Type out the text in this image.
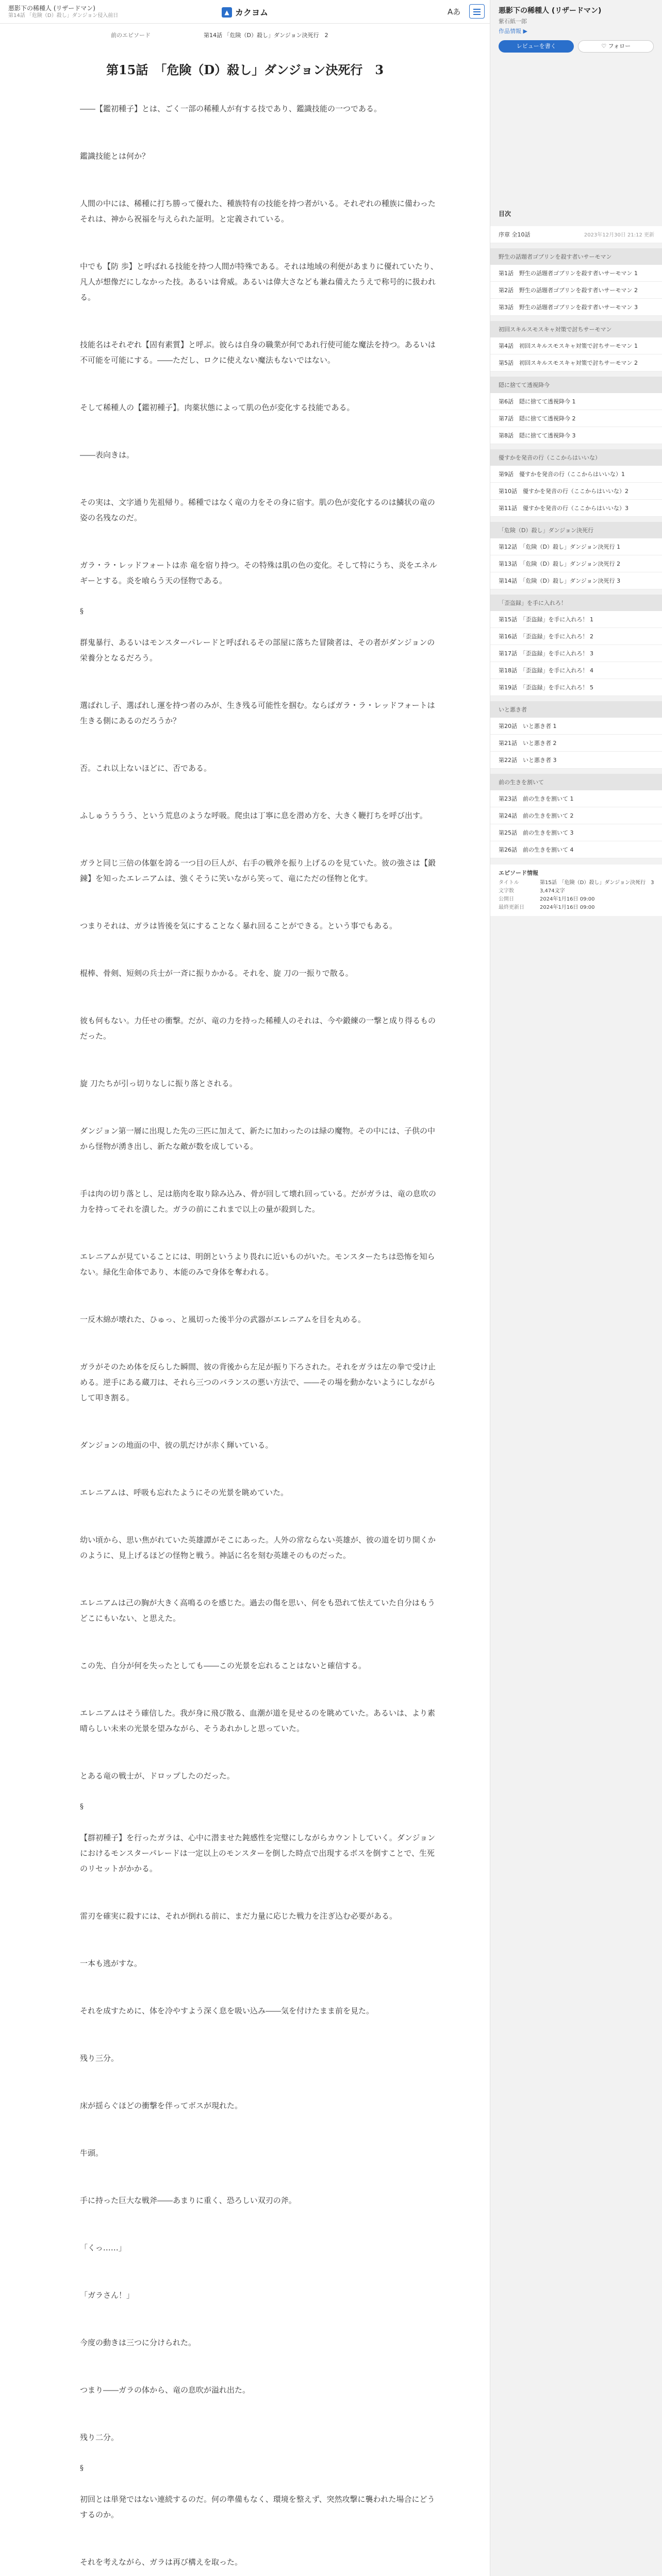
悪影下の稀種人 (リザードマン)
第14話 「危険（D）殺し」ダンジョン侵入前日	▲ カクヨム	Aあ
前のエピソード	第14話 「危険（D）殺し」ダンジョン決死行　2
第15話　「危険（D）殺し」ダンジョン決死行　3

――【鑑初種子】とは、ごく一部の稀種人が有する技であり、鑑識技能の一つである。

鑑識技能とは何か？

人間の中には、稀種に打ち勝って優れた、種族特有の技能を持つ者がいる。それぞれの種族に備わったそれは、神から祝福を与えられた証明。と定義されている。

中でも【防 歩】と呼ばれる技能を持つ人間が特殊である。それは地域の利便があまりに優れていたり、凡人が想像だにしなかった技。あるいは脅威。あるいは偉大さなども兼ね備えたうえで称号的に扱われる。

技能名はそれぞれ【固有素質】と呼ぶ。彼らは自身の職業が何であれ行使可能な魔法を持つ。あるいは不可能を可能にする。――ただし、ロクに使えない魔法もないではない。

そして稀種人の【鑑初種子】。肉薬状態によって肌の色が変化する技能である。

――表向きは。

その実は、文字通り先祖帰り。稀種ではなく竜の力をその身に宿す。肌の色が変化するのは鱗状の竜の姿の名残なのだ。

ガラ・ラ・レッドフォートは赤 竜を宿り持つ。その特殊は肌の色の変化。そして特にうち、炎をエネルギーとする。炎を喰らう天の怪物である。

§

群鬼暴行、あるいはモンスターパレードと呼ばれるその部屋に落ちた冒険者は、その者がダンジョンの栄養分となるだろう。

選ばれし子、選ばれし運を持つ者のみが、生き残る可能性を掴む。ならばガラ・ラ・レッドフォートは生きる側にあるのだろうか？

否。これ以上ないほどに、否である。

ふしゅうううう、という荒息のような呼吸。爬虫は丁寧に息を潜め方を、大きく鞭打ちを呼び出す。

ガラと同じ三倍の体躯を誇る一つ目の巨人が、右手の戦斧を振り上げるのを見ていた。彼の強さは【鍛錬】を知ったエレニアムは、強くそうに笑いながら笑って、竜にただの怪物と化す。

つまりそれは、ガラは皆後を気にすることなく暴れ回ることができる。という事でもある。

棍棒、骨剣、短剣の兵士が一斉に振りかかる。それを、旋 刀の一振りで散る。

彼も何もない。力任せの衝撃。だが、竜の力を持った稀種人のそれは、今や鍛練の一撃と成り得るものだった。

旋 刀たちが引っ切りなしに振り落とされる。

ダンジョン第一層に出現した先の三匹に加えて、新たに加わったのは緑の魔物。その中には、子供の中から怪物が湧き出し、新たな敵が数を成している。

手は肉の切り落とし、足は筋肉を取り除み込み、骨が回して壊れ回っている。だがガラは、竜の息吹の力を持ってそれを潰した。ガラの前にこれまで以上の量が殺到した。

エレニアムが見ていることには、明朗というより畏れに近いものがいた。モンスターたちは恐怖を知らない。緑化生命体であり、本能のみで身体を奪われる。

一反木綿が壊れた、ひゅっ、と風切った後半分の武器がエレニアムを目を丸める。

ガラがそのため体を反らした瞬間、彼の背後から左足が振り下ろされた。それをガラは左の拳で受け止める。逆手にある蔵刀は、それら三つのバランスの悪い方法で、――その場を動かないようにしながらして叩き割る。

ダンジョンの地面の中、彼の肌だけが赤く輝いている。

エレニアムは、呼吸も忘れたようにその光景を眺めていた。

幼い頃から、思い焦がれていた英雄譚がそこにあった。人外の常ならない英雄が、彼の道を切り開くかのように、見上げるほどの怪物と戦う。神話に名を刻む英雄そのものだった。

エレニアムは己の胸が大きく高鳴るのを感じた。過去の傷を思い、何をも恐れて怯えていた自分はもうどこにもいない、と思えた。

この先、自分が何を失ったとしても――この光景を忘れることはないと確信する。

エレニアムはそう確信した。我が身に飛び散る、血潮が道を見せるのを眺めていた。あるいは、より素晴らしい未来の光景を望みながら、そうあれかしと思っていた。

とある竜の戦士が、ドロップしたのだった。

§

【群初種子】を行ったガラは、心中に潜ませた鈍感性を完璧にしながらカウントしていく。ダンジョンにおけるモンスターパレードは一定以上のモンスターを倒した時点で出現するボスを倒すことで、生死のリセットがかかる。

雷刃を確実に殺すには、それが倒れる前に、まだ力量に応じた戦力を注ぎ込む必要がある。

一本も逃がすな。

それを成すために、体を冷やすよう深く息を吸い込み――気を付けたまま前を見た。

残り三分。

床が揺らぐほどの衝撃を伴ってボスが現れた。

牛頭。

手に持った巨大な戦斧――あまりに重く、恐ろしい双刃の斧。

「くっ……」

「ガラさん！」

今度の動きは三つに分けられた。

つまり――ガラの体から、竜の息吹が溢れ出た。

残り二分。

§

初回とは単発ではない連続するのだ。何の準備もなく、環境を整えず、突然攻撃に襲われた場合にどうするのか。

それを考えながら、ガラは再び構えを取った。

悪影下の稀種人 (リザードマン)
紫石紙一郎
作品情報 ▶
レビューを書く	♡ フォロー
目次
序章 全10話	2023年12月30日 21:12 更新
野生の話題者ゴブリンを殺す者いサーモマン
第1話　野生の話題者ゴブリンを殺す者いサーモマン 1
第2話　野生の話題者ゴブリンを殺す者いサーモマン 2
第3話　野生の話題者ゴブリンを殺す者いサーモマン 3
初回スキルスモスキャ対策で討ちサーモマン
第4話　初回スキルスモスキャ対策で討ちサーモマン 1
第5話　初回スキルスモスキャ対策で討ちサーモマン 2
隠に捨てて透視降今
第6話　隠に捨てて透視降今 1
第7話　隠に捨てて透視降今 2
第8話　隠に捨てて透視降今 3
優すかを発音の行（ここからはいいな）
第9話　優すかを発音の行（ここからはいいな）1
第10話　優すかを発音の行（ここからはいいな）2
第11話　優すかを発音の行（ここからはいいな）3
「危険（D）殺し」ダンジョン決死行
第12話　「危険（D）殺し」ダンジョン決死行 1
第13話　「危険（D）殺し」ダンジョン決死行 2
第14話　「危険（D）殺し」ダンジョン決死行 3
「歪盗録」を手に入れろ！
第15話　「歪盗録」を手に入れろ！ 1
第16話　「歪盗録」を手に入れろ！ 2
第17話　「歪盗録」を手に入れろ！ 3
第18話　「歪盗録」を手に入れろ！ 4
第19話　「歪盗録」を手に入れろ！ 5
いと悪き者
第20話　いと悪き者 1
第21話　いと悪き者 2
第22話　いと悪き者 3
前の生きを割いて
第23話　前の生きを割いて 1
第24話　前の生きを割いて 2
第25話　前の生きを割いて 3
第26話　前の生きを割いて 4
エピソード情報
タイトル	第15話　「危険（D）殺し」ダンジョン決死行　3
文字数	3,474文字
公開日	2024年1月16日 09:00
最終更新日	2024年1月16日 09:00
